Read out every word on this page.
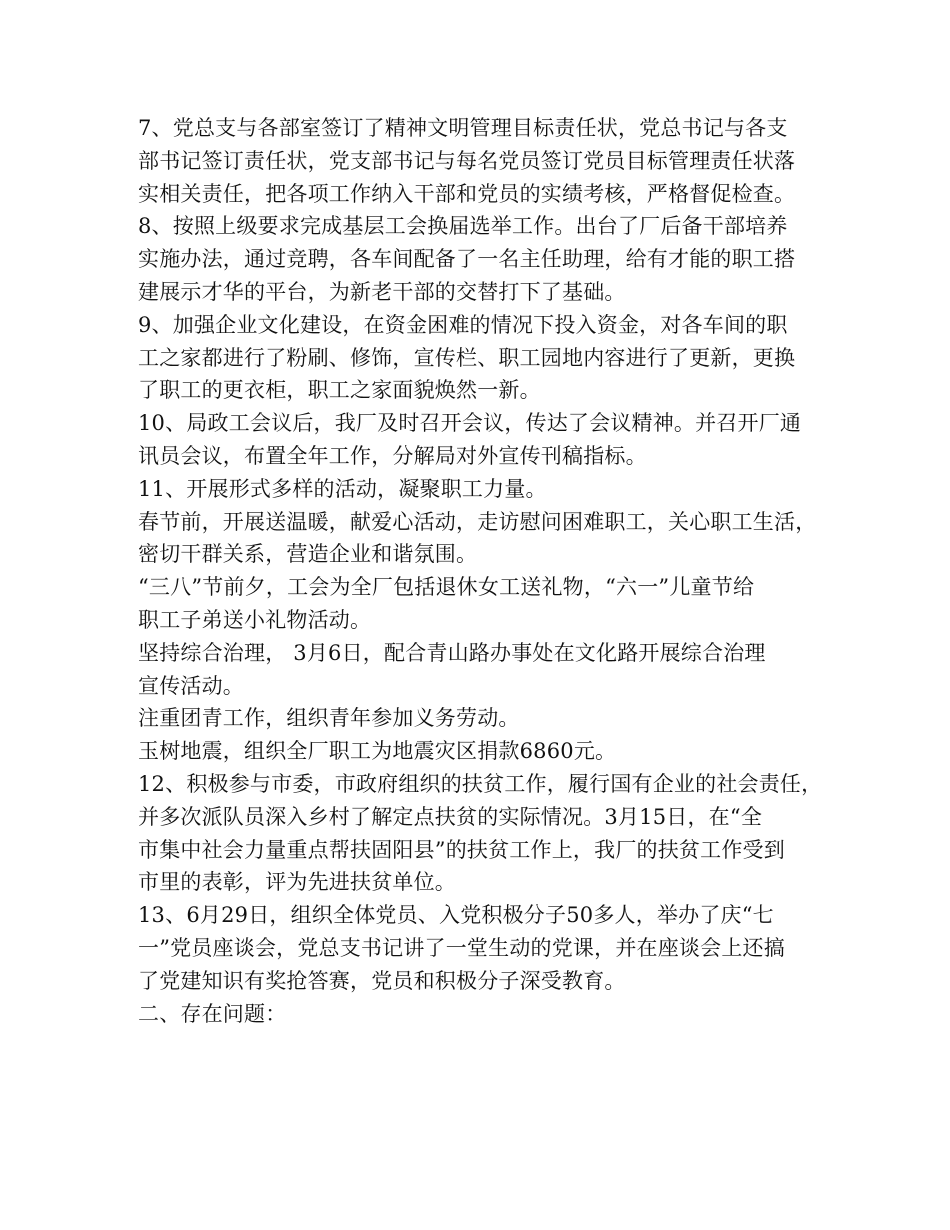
7、党总支与各部室签订了精神文明管理目标责任状，党总书记与各支

部书记签订责任状，党支部书记与每名党员签订党员目标管理责任状落

实相关责任，把各项工作纳入干部和党员的实绩考核，严格督促检查。

8、按照上级要求完成基层工会换届选举工作。出台了厂后备干部培养

实施办法，通过竞聘，各车间配备了一名主任助理，给有才能的职工搭

建展示才华的平台，为新老干部的交替打下了基础。

9、加强企业文化建设，在资金困难的情况下投入资金，对各车间的职

工之家都进行了粉刷、修饰，宣传栏、职工园地内容进行了更新，更换

了职工的更衣柜，职工之家面貌焕然一新。

10、局政工会议后，我厂及时召开会议，传达了会议精神。并召开厂通

讯员会议，布置全年工作，分解局对外宣传刊稿指标。

11、开展形式多样的活动，凝聚职工力量。

春节前，开展送温暖，献爱心活动，走访慰问困难职工，关心职工生活，

密切干群关系，营造企业和谐氛围。

“三八”节前夕，工会为全厂包括退休女工送礼物，“六一”儿童节给

职工子弟送小礼物活动。

坚持综合治理， 3月6日，配合青山路办事处在文化路开展综合治理

宣传活动。

注重团青工作，组织青年参加义务劳动。

玉树地震，组织全厂职工为地震灾区捐款6860元。

12、积极参与市委，市政府组织的扶贫工作，履行国有企业的社会责任，

并多次派队员深入乡村了解定点扶贫的实际情况。3月15日，在“全

市集中社会力量重点帮扶固阳县”的扶贫工作上，我厂的扶贫工作受到

市里的表彰，评为先进扶贫单位。

13、6月29日，组织全体党员、入党积极分子50多人，举办了庆“七

一”党员座谈会，党总支书记讲了一堂生动的党课，并在座谈会上还搞

了党建知识有奖抢答赛，党员和积极分子深受教育。

二、存在问题：
